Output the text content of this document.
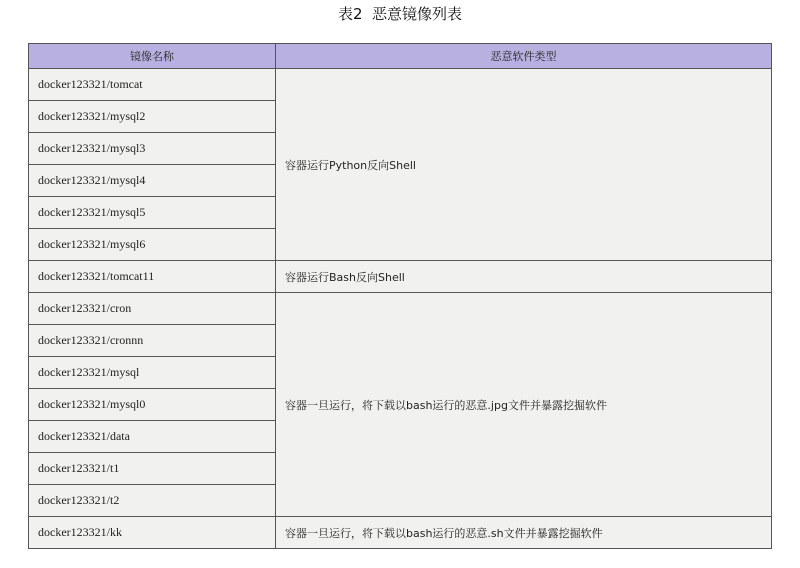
表2  恶意镜像列表
镜像名称	恶意软件类型
docker123321/tomcat	容器运行Python反向Shell
docker123321/mysql2	
docker123321/mysql3	
docker123321/mysql4	
docker123321/mysql5	
docker123321/mysql6	
docker123321/tomcat11	容器运行Bash反向Shell
docker123321/cron	容器一旦运行，将下载以bash运行的恶意.jpg文件并暴露挖掘软件
docker123321/cronnn	
docker123321/mysql	
docker123321/mysql0	
docker123321/data	
docker123321/t1	
docker123321/t2	
docker123321/kk	容器一旦运行，将下载以bash运行的恶意.sh文件并暴露挖掘软件
